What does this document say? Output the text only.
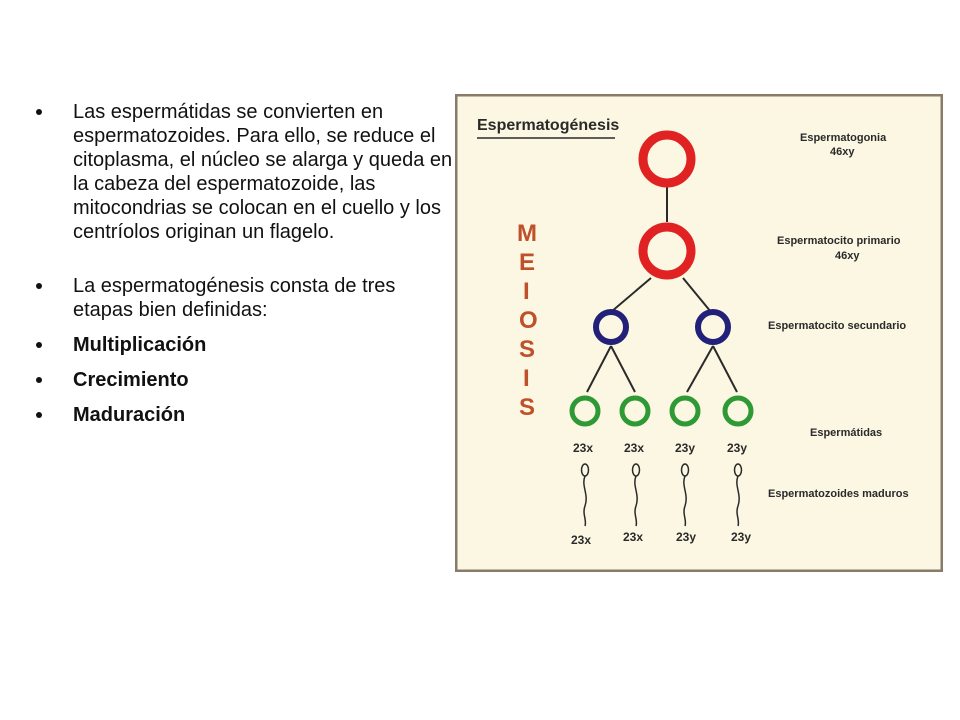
Las espermátidas se convierten en espermatozoides. Para ello, se reduce el citoplasma, el núcleo se alarga y queda en la cabeza del espermatozoide, las mitocondrias se colocan en el cuello y los centríolos originan un flagelo.
La espermatogénesis consta de tres etapas bien definidas:
Multiplicación
Crecimiento
Maduración
Espermatogénesis
M
E
I
O
S
I
S
23x	23x	23y	23y
23x	23x	23y	23y
Espermatogonia
46xy
Espermatocito primario
46xy
Espermatocito secundario
Espermátidas
Espermatozoides maduros
